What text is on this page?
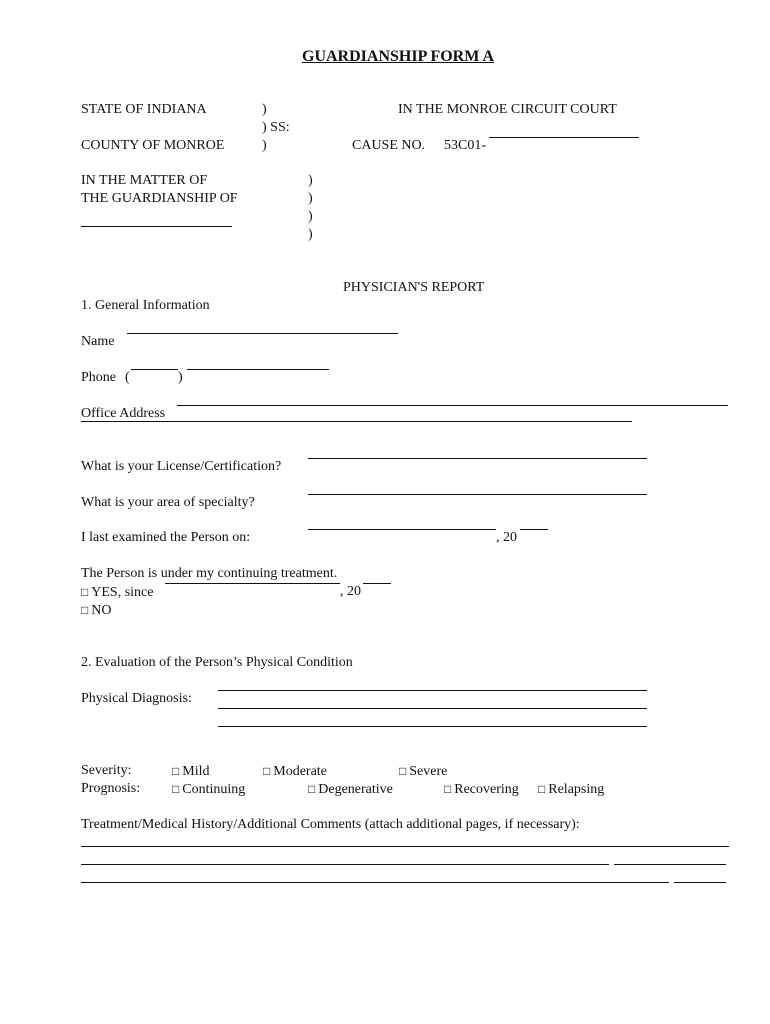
GUARDIANSHIP FORM A
STATE OF INDIANA	)
) SS:
COUNTY OF MONROE	)
IN THE MONROE CIRCUIT COURT
CAUSE NO. 53C01-
IN THE MATTER OF
THE GUARDIANSHIP OF
)
)
)
)
PHYSICIAN'S REPORT
1. General Information
Name
Phone (	)
Office Address
What is your License/Certification?
What is your area of specialty?
I last examined the Person on:	, 20
The Person is under my continuing treatment.
□ YES, since	, 20
□ NO
2. Evaluation of the Person’s Physical Condition
Physical Diagnosis:
Severity:	□ Mild	□ Moderate	□ Severe
Prognosis:	□ Continuing	□ Degenerative	□ Recovering □ Relapsing
Treatment/Medical History/Additional Comments (attach additional pages, if necessary):
